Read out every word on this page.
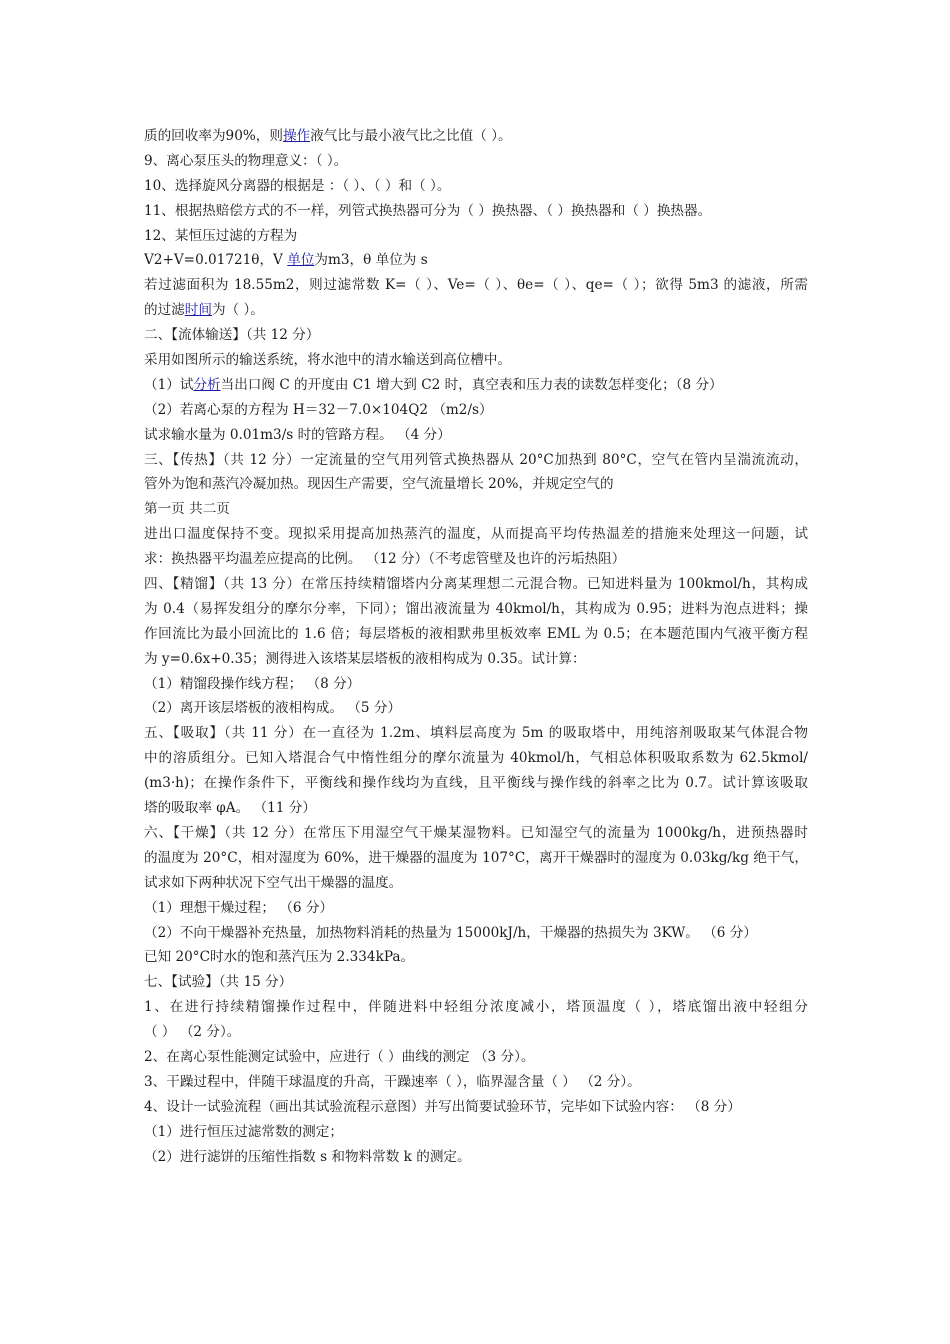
质的回收率为90%，则操作液气比与最小液气比之比值（ ）。
9、离心泵压头的物理意义：（ ）。
10、选择旋风分离器的根据是 ：（ ）、（ ）和（ ）。
11、根据热赔偿方式的不一样，列管式换热器可分为（ ）换热器、（ ）换热器和（ ）换热器。
12、某恒压过滤的方程为
V2+V=0.01721θ，V 单位为m3，θ 单位为 s
若过滤面积为 18.55m2，则过滤常数 K=（ ）、Ve=（ ）、θe=（ ）、qe=（ ）；欲得 5m3 的滤液，所需
的过滤时间为（ ）。
二、【流体输送】（共 12 分）
采用如图所示的输送系统，将水池中的清水输送到高位槽中。
（1）试分析当出口阀 C 的开度由 C1 增大到 C2 时，真空表和压力表的读数怎样变化；（8 分）
（2）若离心泵的方程为 H＝32－7.0×104Q2 （m2/s）
试求输水量为 0.01m3/s 时的管路方程。 （4 分）
三、【传热】（共 12 分）一定流量的空气用列管式换热器从 20°C加热到 80°C，空气在管内呈湍流流动，
管外为饱和蒸汽冷凝加热。现因生产需要，空气流量增长 20%，并规定空气的
第一页 共二页
进出口温度保持不变。现拟采用提高加热蒸汽的温度，从而提高平均传热温差的措施来处理这一问题，试
求：换热器平均温差应提高的比例。 （12 分）（不考虑管壁及也许的污垢热阻）
四、【精馏】（共 13 分）在常压持续精馏塔内分离某理想二元混合物。已知进料量为 100kmol/h，其构成
为 0.4（易挥发组分的摩尔分率，下同）；馏出液流量为 40kmol/h，其构成为 0.95；进料为泡点进料；操
作回流比为最小回流比的 1.6 倍；每层塔板的液相默弗里板效率 EML 为 0.5；在本题范围内气液平衡方程
为 y=0.6x+0.35；测得进入该塔某层塔板的液相构成为 0.35。试计算：
（1）精馏段操作线方程； （8 分）
（2）离开该层塔板的液相构成。 （5 分）
五、【吸取】（共 11 分）在一直径为 1.2m、填料层高度为 5m 的吸取塔中，用纯溶剂吸取某气体混合物
中的溶质组分。已知入塔混合气中惰性组分的摩尔流量为 40kmol/h，气相总体积吸取系数为 62.5kmol/
(m3·h)；在操作条件下，平衡线和操作线均为直线，且平衡线与操作线的斜率之比为 0.7。试计算该吸取
塔的吸取率 φA。 （11 分）
六、【干燥】（共 12 分）在常压下用湿空气干燥某湿物料。已知湿空气的流量为 1000kg/h，进预热器时
的温度为 20°C，相对湿度为 60%，进干燥器的温度为 107°C，离开干燥器时的湿度为 0.03kg/kg 绝干气，
试求如下两种状况下空气出干燥器的温度。
（1）理想干燥过程； （6 分）
（2）不向干燥器补充热量，加热物料消耗的热量为 15000kJ/h，干燥器的热损失为 3KW。 （6 分）
已知 20°C时水的饱和蒸汽压为 2.334kPa。
七、【试验】（共 15 分）
1、在进行持续精馏操作过程中，伴随进料中轻组分浓度减小，塔顶温度（ ），塔底馏出液中轻组分
（ ） （2 分）。
2、在离心泵性能测定试验中，应进行（ ）曲线的测定 （3 分）。
3、干躁过程中，伴随干球温度的升高，干躁速率（ ），临界湿含量（ ） （2 分）。
4、设计一试验流程（画出其试验流程示意图）并写出简要试验环节，完毕如下试验内容： （8 分）
（1）进行恒压过滤常数的测定；
（2）进行滤饼的压缩性指数 s 和物料常数 k 的测定。
